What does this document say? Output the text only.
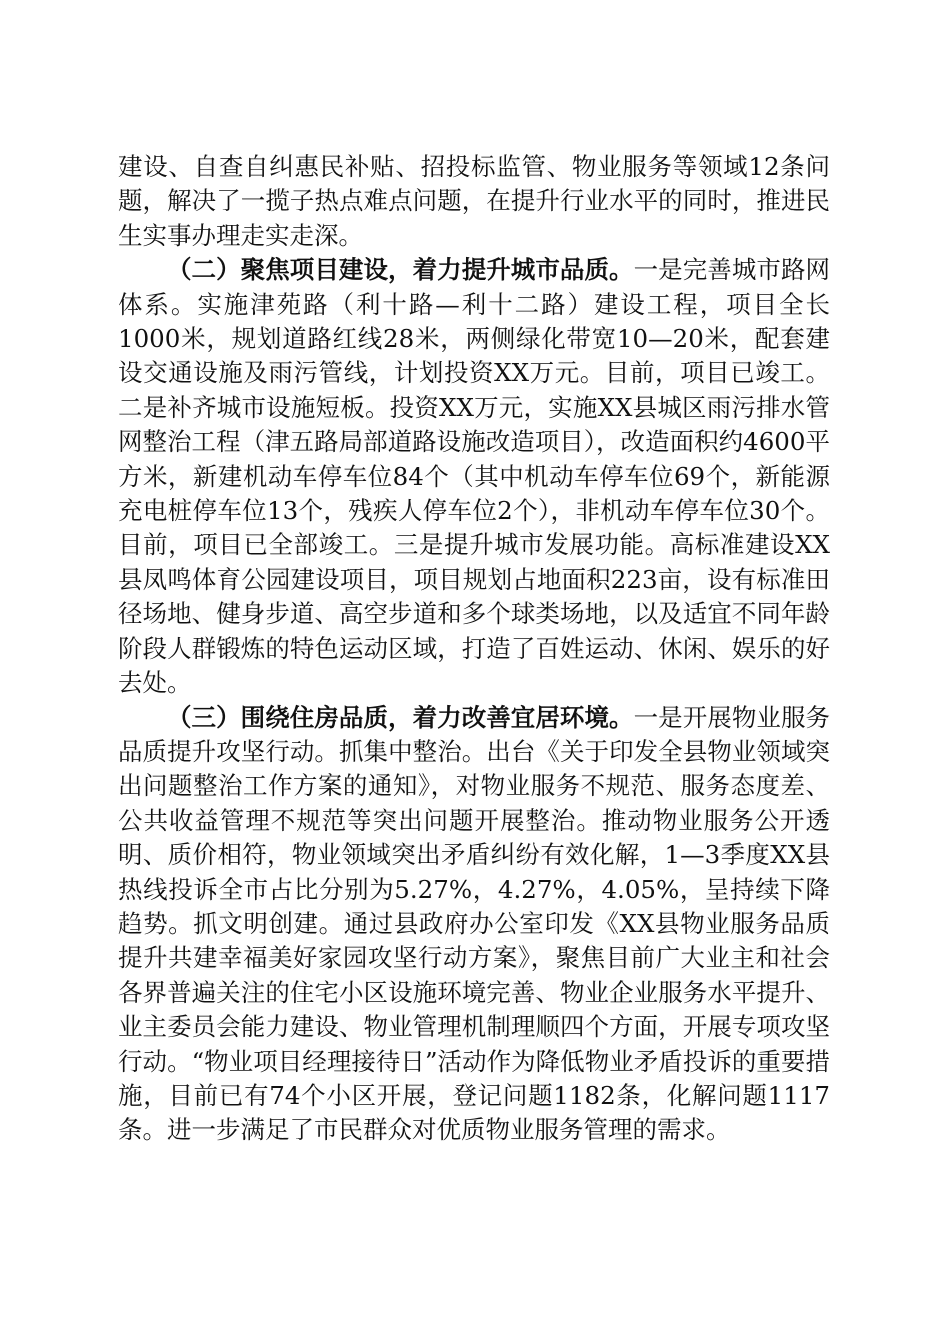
建设、自查自纠惠民补贴、招投标监管、物业服务等领域12条问题，解决了一揽子热点难点问题，在提升行业水平的同时，推进民生实事办理走实走深。

（二）聚焦项目建设，着力提升城市品质。一是完善城市路网体系。实施津苑路（利十路—利十二路）建设工程，项目全长1000米，规划道路红线28米，两侧绿化带宽10—20米，配套建设交通设施及雨污管线，计划投资XX万元。目前，项目已竣工。二是补齐城市设施短板。投资XX万元，实施XX县城区雨污排水管网整治工程（津五路局部道路设施改造项目），改造面积约4600平方米，新建机动车停车位84个（其中机动车停车位69个，新能源充电桩停车位13个，残疾人停车位2个），非机动车停车位30个。目前，项目已全部竣工。三是提升城市发展功能。高标准建设XX县凤鸣体育公园建设项目，项目规划占地面积223亩，设有标准田径场地、健身步道、高空步道和多个球类场地，以及适宜不同年龄阶段人群锻炼的特色运动区域，打造了百姓运动、休闲、娱乐的好去处。

（三）围绕住房品质，着力改善宜居环境。一是开展物业服务品质提升攻坚行动。抓集中整治。出台《关于印发全县物业领域突出问题整治工作方案的通知》，对物业服务不规范、服务态度差、公共收益管理不规范等突出问题开展整治。推动物业服务公开透明、质价相符，物业领域突出矛盾纠纷有效化解，1—3季度XX县热线投诉全市占比分别为5.27%，4.27%，4.05%，呈持续下降趋势。抓文明创建。通过县政府办公室印发《XX县物业服务品质提升共建幸福美好家园攻坚行动方案》，聚焦目前广大业主和社会各界普遍关注的住宅小区设施环境完善、物业企业服务水平提升、业主委员会能力建设、物业管理机制理顺四个方面，开展专项攻坚行动。“物业项目经理接待日”活动作为降低物业矛盾投诉的重要措施，目前已有74个小区开展，登记问题1182条，化解问题1117条。进一步满足了市民群众对优质物业服务管理的需求。
